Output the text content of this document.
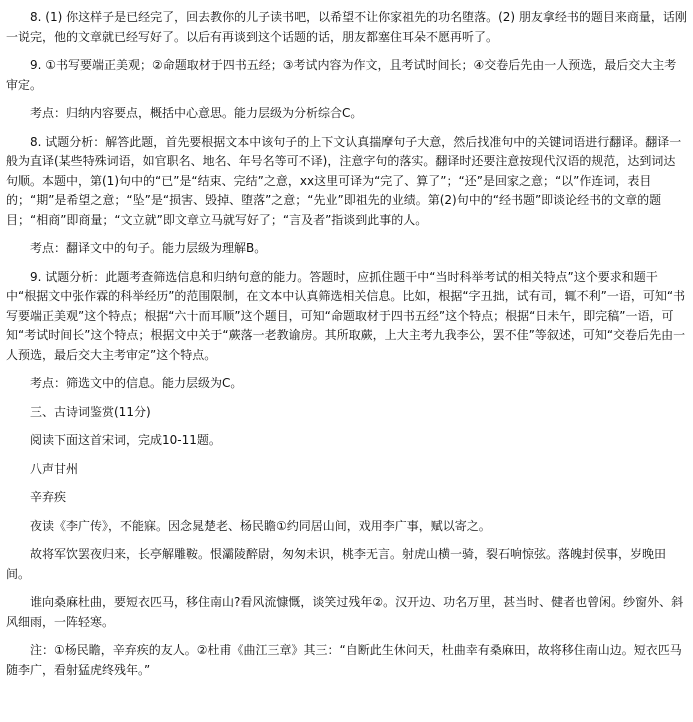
8. (1) 你这样子是已经完了，回去教你的儿子读书吧，以希望不让你家祖先的功名堕落。(2) 朋友拿经书的题目来商量，话刚一说完，他的文章就已经写好了。以后有再谈到这个话题的话，朋友都塞住耳朵不愿再听了。

9. ①书写要端正美观；②命题取材于四书五经；③考试内容为作文，且考试时间长；④交卷后先由一人预选，最后交大主考审定。

考点：归纳内容要点，概括中心意思。能力层级为分析综合C。

8. 试题分析：解答此题，首先要根据文本中该句子的上下文认真揣摩句子大意，然后找准句中的关键词语进行翻译。翻译一般为直译(某些特殊词语，如官职名、地名、年号名等可不译)，注意字句的落实。翻译时还要注意按现代汉语的规范，达到词达句顺。本题中，第(1)句中的“已”是“结束、完结”之意，xx这里可译为“完了、算了”；“还”是回家之意；“以”作连词，表目的；“期”是希望之意；“坠”是“损害、毁掉、堕落”之意；“先业”即祖先的业绩。第(2)句中的“经书题”即谈论经书的文章的题目；“相商”即商量；“文立就”即文章立马就写好了；“言及者”指谈到此事的人。

考点：翻译文中的句子。能力层级为理解B。

9. 试题分析：此题考查筛选信息和归纳句意的能力。答题时，应抓住题干中“当时科举考试的相关特点”这个要求和题干中“根据文中张作霖的科举经历”的范围限制，在文本中认真筛选相关信息。比如，根据“字丑拙，试有司，辄不利”一语，可知“书写要端正美观”这个特点；根据“六十而耳顺”这个题目，可知“命题取材于四书五经”这个特点；根据“日未午，即完稿”一语，可知“考试时间长”这个特点；根据文中关于“蕨落一老教谕房。其所取蕨，上大主考九我李公，罢不佳”等叙述，可知“交卷后先由一人预选，最后交大主考审定”这个特点。

考点：筛选文中的信息。能力层级为C。

三、古诗词鉴赏(11分)

阅读下面这首宋词，完成10-11题。

八声甘州

辛弃疾

夜读《李广传》，不能寐。因念晁楚老、杨民瞻①约同居山间，戏用李广事，赋以寄之。

故将军饮罢夜归来，长亭解雕鞍。恨灞陵醉尉，匆匆未识，桃李无言。射虎山横一骑，裂石响惊弦。落魄封侯事，岁晚田间。

谁向桑麻杜曲，要短衣匹马，移住南山?看风流慷慨，谈笑过残年②。汉开边、功名万里，甚当时、健者也曾闲。纱窗外、斜风细雨，一阵轻寒。

注：①杨民瞻，辛弃疾的友人。②杜甫《曲江三章》其三：“自断此生休问天，杜曲幸有桑麻田，故将移住南山边。短衣匹马随李广，看射猛虎终残年。”
